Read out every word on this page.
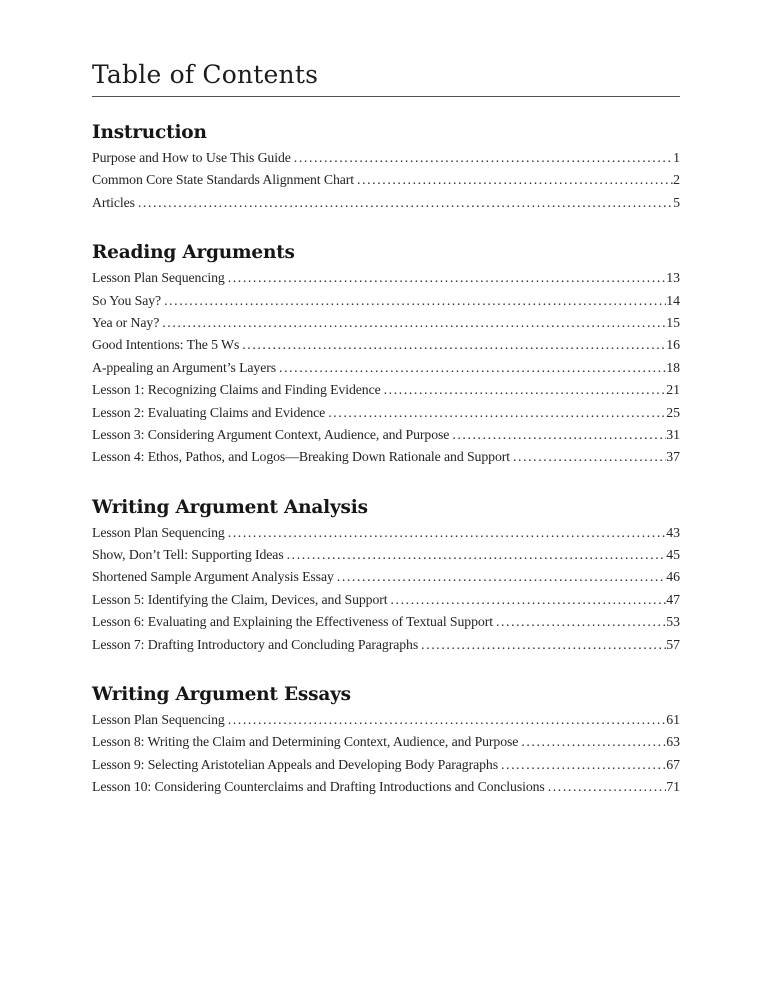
Table of Contents
Instruction
Purpose and How to Use This Guide .....	1
Common Core State Standards Alignment Chart .....	2
Articles .....	5
Reading Arguments
Lesson Plan Sequencing .....	13
So You Say? .....	14
Yea or Nay? .....	15
Good Intentions: The 5 Ws .....	16
A-ppealing an Argument’s Layers .....	18
Lesson 1: Recognizing Claims and Finding Evidence .....	21
Lesson 2: Evaluating Claims and Evidence .....	25
Lesson 3: Considering Argument Context, Audience, and Purpose .....	31
Lesson 4: Ethos, Pathos, and Logos—Breaking Down Rationale and Support .....	37
Writing Argument Analysis
Lesson Plan Sequencing .....	43
Show, Don’t Tell: Supporting Ideas .....	45
Shortened Sample Argument Analysis Essay .....	46
Lesson 5: Identifying the Claim, Devices, and Support .....	47
Lesson 6: Evaluating and Explaining the Effectiveness of Textual Support .....	53
Lesson 7: Drafting Introductory and Concluding Paragraphs .....	57
Writing Argument Essays
Lesson Plan Sequencing .....	61
Lesson 8: Writing the Claim and Determining Context, Audience, and Purpose .....	63
Lesson 9: Selecting Aristotelian Appeals and Developing Body Paragraphs .....	67
Lesson 10: Considering Counterclaims and Drafting Introductions and Conclusions .....	71
